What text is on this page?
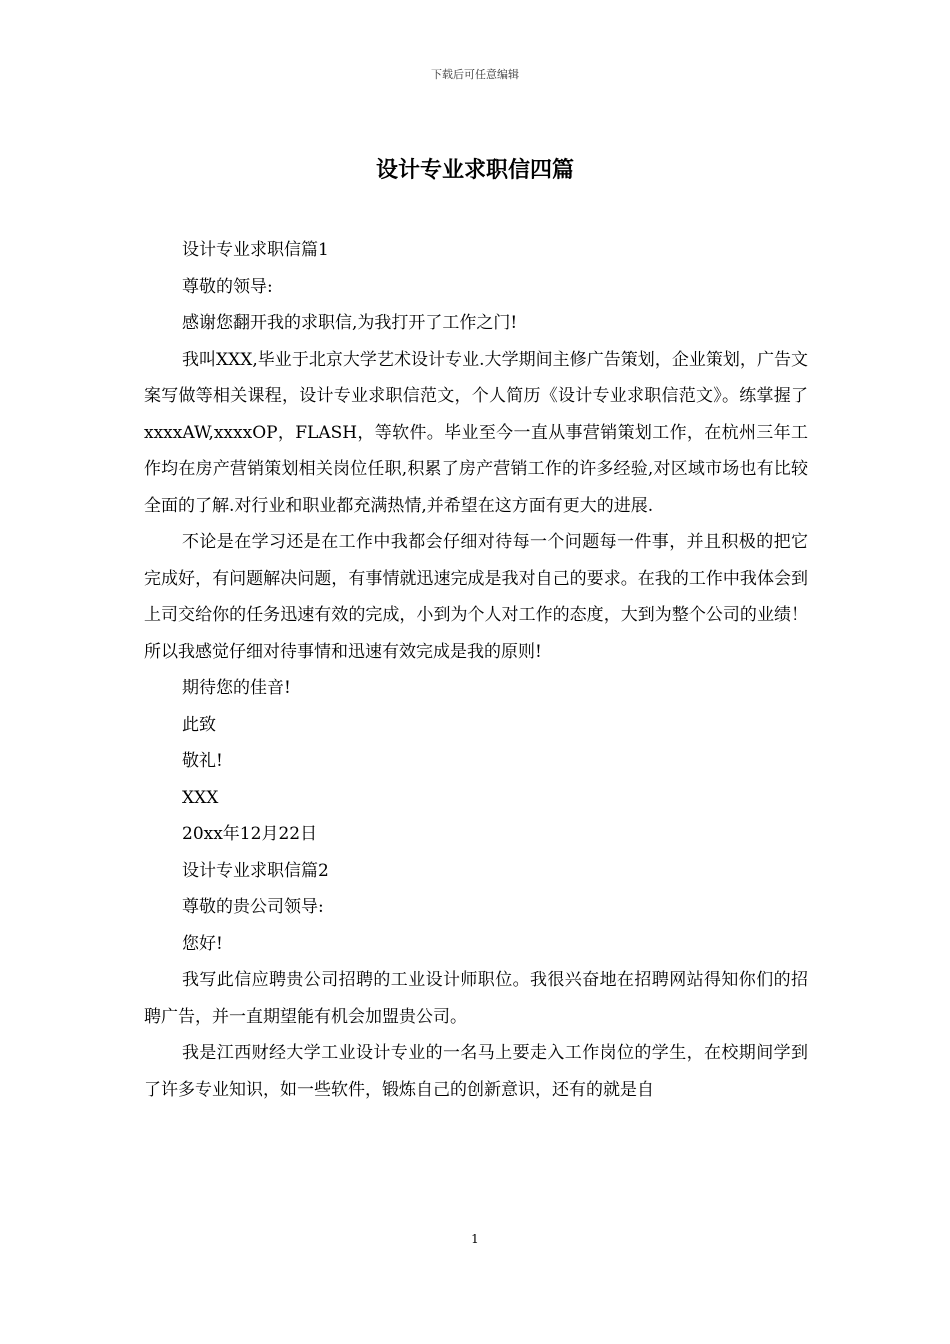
下载后可任意编辑
设计专业求职信四篇

设计专业求职信篇1

尊敬的领导:

感谢您翻开我的求职信,为我打开了工作之门!

我叫XXX,毕业于北京大学艺术设计专业.大学期间主修广告策划，企业策划，广告文案写做等相关课程，设计专业求职信范文，个人简历《设计专业求职信范文》。练掌握了xxxxAW,xxxxOP，FLASH，等软件。毕业至今一直从事营销策划工作，在杭州三年工作均在房产营销策划相关岗位任职,积累了房产营销工作的许多经验,对区域市场也有比较全面的了解.对行业和职业都充满热情,并希望在这方面有更大的进展.

不论是在学习还是在工作中我都会仔细对待每一个问题每一件事，并且积极的把它完成好，有问题解决问题，有事情就迅速完成是我对自己的要求。在我的工作中我体会到上司交给你的任务迅速有效的完成，小到为个人对工作的态度，大到为整个公司的业绩！所以我感觉仔细对待事情和迅速有效完成是我的原则!

期待您的佳音!

此致

敬礼!

XXX

20xx年12月22日

设计专业求职信篇2

尊敬的贵公司领导:

您好!

我写此信应聘贵公司招聘的工业设计师职位。我很兴奋地在招聘网站得知你们的招聘广告，并一直期望能有机会加盟贵公司。

我是江西财经大学工业设计专业的一名马上要走入工作岗位的学生，在校期间学到了许多专业知识，如一些软件，锻炼自己的创新意识，还有的就是自

1
